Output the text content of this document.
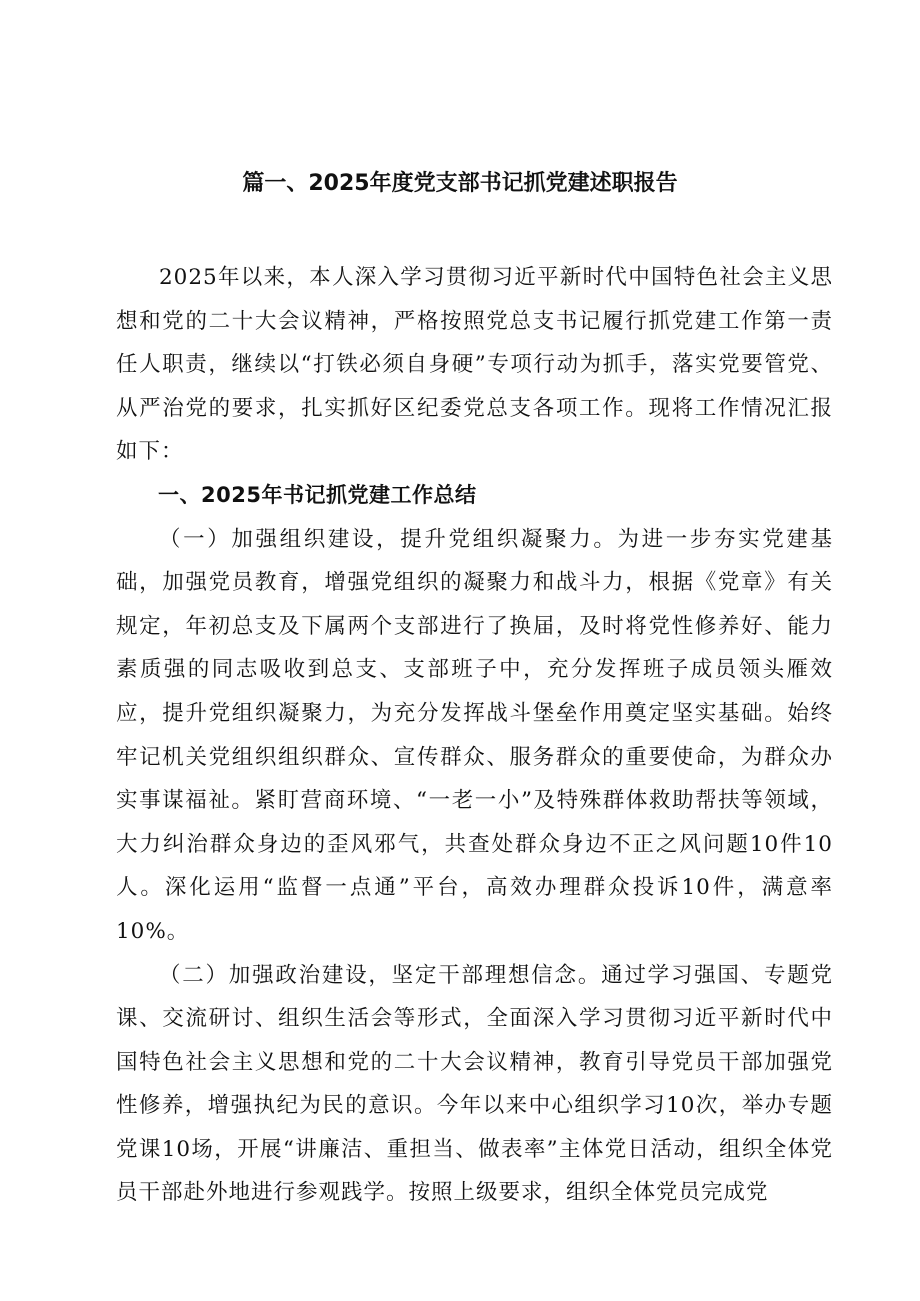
篇一、2025年度党支部书记抓党建述职报告

2025年以来，本人深入学习贯彻习近平新时代中国特色社会主义思想和党的二十大会议精神，严格按照党总支书记履行抓党建工作第一责任人职责，继续以“打铁必须自身硬”专项行动为抓手，落实党要管党、从严治党的要求，扎实抓好区纪委党总支各项工作。现将工作情况汇报如下：

一、2025年书记抓党建工作总结

（一）加强组织建设，提升党组织凝聚力。为进一步夯实党建基础，加强党员教育，增强党组织的凝聚力和战斗力，根据《党章》有关规定，年初总支及下属两个支部进行了换届，及时将党性修养好、能力素质强的同志吸收到总支、支部班子中，充分发挥班子成员领头雁效应，提升党组织凝聚力，为充分发挥战斗堡垒作用奠定坚实基础。始终牢记机关党组织组织群众、宣传群众、服务群众的重要使命，为群众办实事谋福祉。紧盯营商环境、“一老一小”及特殊群体救助帮扶等领域，大力纠治群众身边的歪风邪气，共查处群众身边不正之风问题10件10人。深化运用“监督一点通”平台，高效办理群众投诉10件，满意率10%。

（二）加强政治建设，坚定干部理想信念。通过学习强国、专题党课、交流研讨、组织生活会等形式，全面深入学习贯彻习近平新时代中国特色社会主义思想和党的二十大会议精神，教育引导党员干部加强党性修养，增强执纪为民的意识。今年以来中心组织学习10次，举办专题党课10场，开展“讲廉洁、重担当、做表率”主体党日活动，组织全体党员干部赴外地进行参观践学。按照上级要求，组织全体党员完成党
